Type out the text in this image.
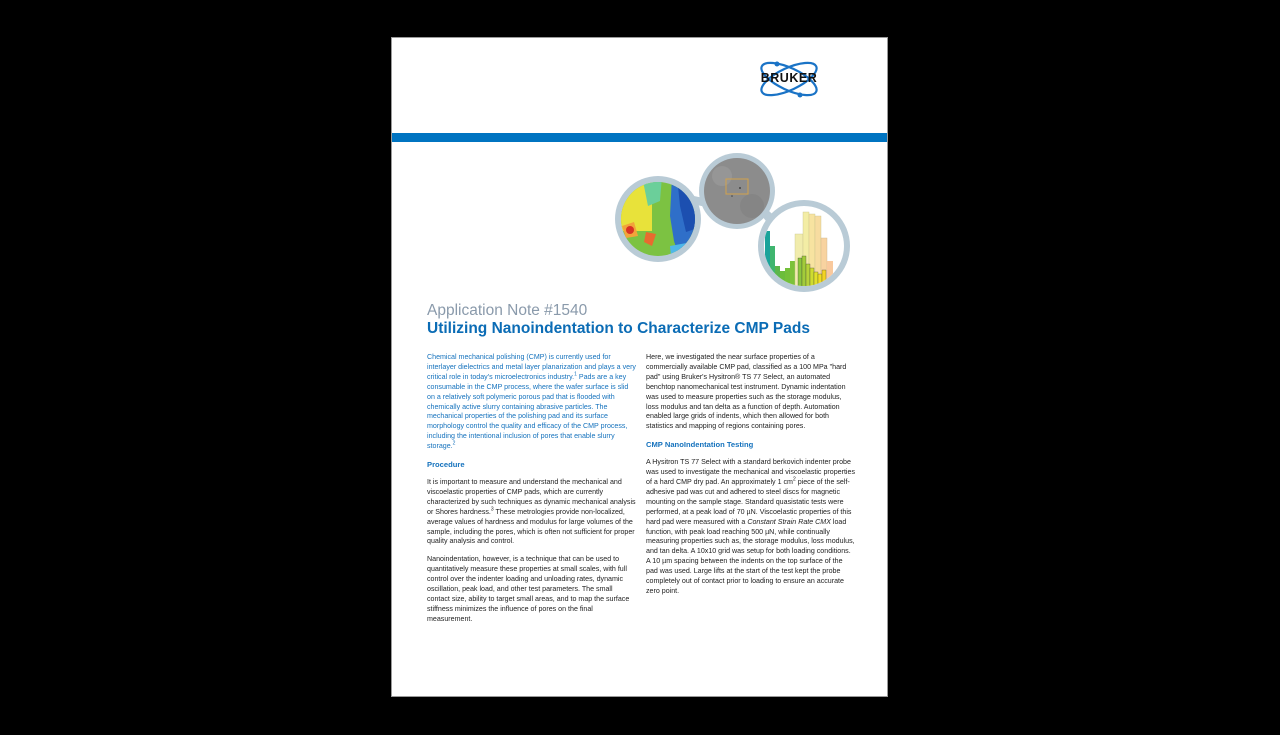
BRUKER
Application Note #1540
Utilizing Nanoindentation to Characterize CMP Pads

Chemical mechanical polishing (CMP) is currently used for interlayer dielectrics and metal layer planarization and plays a very critical role in today's microelectronics industry.$^1$ Pads are a key consumable in the CMP process, where the wafer surface is slid on a relatively soft polymeric porous pad that is flooded with chemically active slurry containing abrasive particles. The mechanical properties of the polishing pad and its surface morphology control the quality and efficacy of the CMP process, including the intentional inclusion of pores that enable slurry storage.$^2$

Procedure

It is important to measure and understand the mechanical and viscoelastic properties of CMP pads, which are currently characterized by such techniques as dynamic mechanical analysis or Shores hardness.$^3$ These metrologies provide non-localized, average values of hardness and modulus for large volumes of the sample, including the pores, which is often not sufficient for proper quality analysis and control.

Nanoindentation, however, is a technique that can be used to quantitatively measure these properties at small scales, with full control over the indenter loading and unloading rates, dynamic oscillation, peak load, and other test parameters. The small contact size, ability to target small areas, and to map the surface stiffness minimizes the influence of pores on the final measurement.

Here, we investigated the near surface properties of a commercially available CMP pad, classified as a 100 MPa "hard pad" using Bruker's Hysitron® TS 77 Select, an automated benchtop nanomechanical test instrument. Dynamic indentation was used to measure properties such as the storage modulus, loss modulus and tan delta as a function of depth. Automation enabled large grids of indents, which then allowed for both statistics and mapping of regions containing pores.

CMP NanoIndentation Testing

A Hysitron TS 77 Select with a standard berkovich indenter probe was used to investigate the mechanical and viscoelastic properties of a hard CMP dry pad. An approximately 1 $cm^2$ piece of the self-adhesive pad was cut and adhered to steel discs for magnetic mounting on the sample stage. Standard quasistatic tests were performed, at a peak load of 70 µN. Viscoelastic properties of this hard pad were measured with a Constant Strain Rate CMX load function, with peak load reaching 500 µN, while continually measuring properties such as, the storage modulus, loss modulus, and tan delta. A 10x10 grid was setup for both loading conditions. A 10 µm spacing between the indents on the top surface of the pad was used. Large lifts at the start of the test kept the probe completely out of contact prior to loading to ensure an accurate zero point.
